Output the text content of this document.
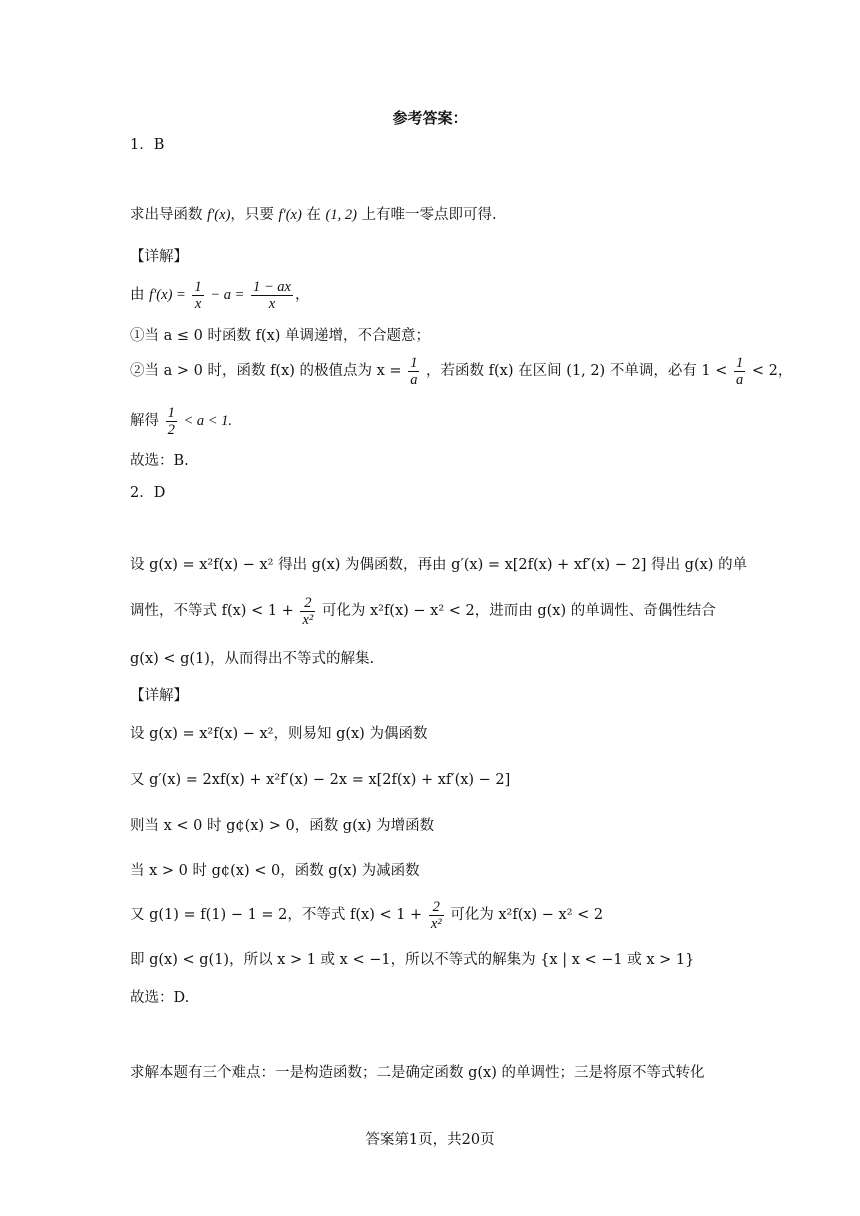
参考答案：
1．B
求出导函数 f′(x)，只要 f′(x) 在 (1, 2) 上有唯一零点即可得.
【详解】
由 $f'(x) = \frac{1}{x} - a = \frac{1 - ax}{x}$ ，
①当 a ≤ 0 时函数 f(x) 单调递增，不合题意；
②当 a > 0 时，函数 f(x) 的极值点为 $x = \frac{1}{a}$ ，若函数 f(x) 在区间 (1, 2) 不单调，必有 $1 < \frac{1}{a} < 2$，
解得 $\frac{1}{2} < a < 1$.
故选：B.
2．D
设 g(x) = x²f(x) − x² 得出 g(x) 为偶函数，再由 g′(x) = x[2f(x) + xf′(x) − 2] 得出 g(x) 的单
调性，不等式 $f(x) < 1 + \frac{2}{\text{x²}}$ 可化为 x²f(x) − x² < 2，进而由 g(x) 的单调性、奇偶性结合
g(x) < g(1)，从而得出不等式的解集.
【详解】
设 g(x) = x²f(x) − x²，则易知 g(x) 为偶函数
又 g′(x) = 2xf(x) + x²f′(x) − 2x = x[2f(x) + xf′(x) − 2]
则当 x < 0 时 g¢(x) > 0，函数 g(x) 为增函数
当 x > 0 时 g¢(x) < 0，函数 g(x) 为减函数
又 g(1) = f(1) − 1 = 2，不等式 $f(x) < 1 + \frac{2}{\text{x²}}$ 可化为 x²f(x) − x² < 2
即 g(x) < g(1)，所以 x > 1 或 x < −1，所以不等式的解集为 {x | x < −1 或 x > 1}
故选：D.
求解本题有三个难点：一是构造函数；二是确定函数 g(x) 的单调性；三是将原不等式转化
答案第1页，共20页
